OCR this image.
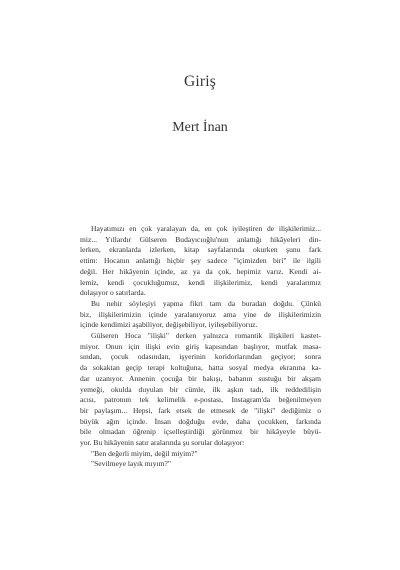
Giriş
Mert İnan
Hayatımızı en çok yaralayan da, en çok iyileştiren de ilişkilerimiz...
miz... Yıllardır Gülseren Budayıcıoğlu'nun anlattığı hikâyeleri din-
lerken, ekranlarda izlerken, kitap sayfalarında okurken şunu fark
ettim: Hocanın anlattığı hiçbir şey sadece "içimizden biri" ile ilgili
değil. Her hikâyenin içinde, az ya da çok, hepimiz varız. Kendi ai-
lemiz, kendi çocukluğumuz, kendi ilişkilerimiz, kendi yaralarımız
dolaşıyor o satırlarda.
Bu nehir söyleşiyi yapma fikri tam da buradan doğdu. Çünkü
biz, ilişkilerimizin içinde yaralanıyoruz ama yine de ilişkilerimizin
içinde kendimizi aşabiliyor, değişebiliyor, iyileşebiliyoruz.
Gülseren Hoca "ilişki" derken yalnızca romantik ilişkileri kastet-
miyor. Onun için ilişki evin giriş kapısından başlıyor, mutfak masa-
sından, çocuk odasından, işyerinin koridorlarından geçiyor; sonra
da sokaktan geçip terapi koltuğuna, hatta sosyal medya ekranına ka-
dar uzanıyor. Annenin çocuğa bir bakışı, babanın sustuğu bir akşam
yemeği, okulda duyulan bir cümle, ilk aşkın tadı, ilk reddedilişin
acısı, patronun tek kelimelik e-postası, Instagram'da beğenilmeyen
bir paylaşım... Hepsi, fark etsek de etmesek de "ilişki" dediğimiz o
büyük ağın içinde. İnsan doğduğu evde, daha çocukken, farkında
bile olmadan öğrenip içselleştirdiği görünmez bir hikâyeyle büyü-
yor. Bu hikâyenin satır aralarında şu sorular dolaşıyor:
"Ben değerli miyim, değil miyim?"
"Sevilmeye layık mıyım?"
